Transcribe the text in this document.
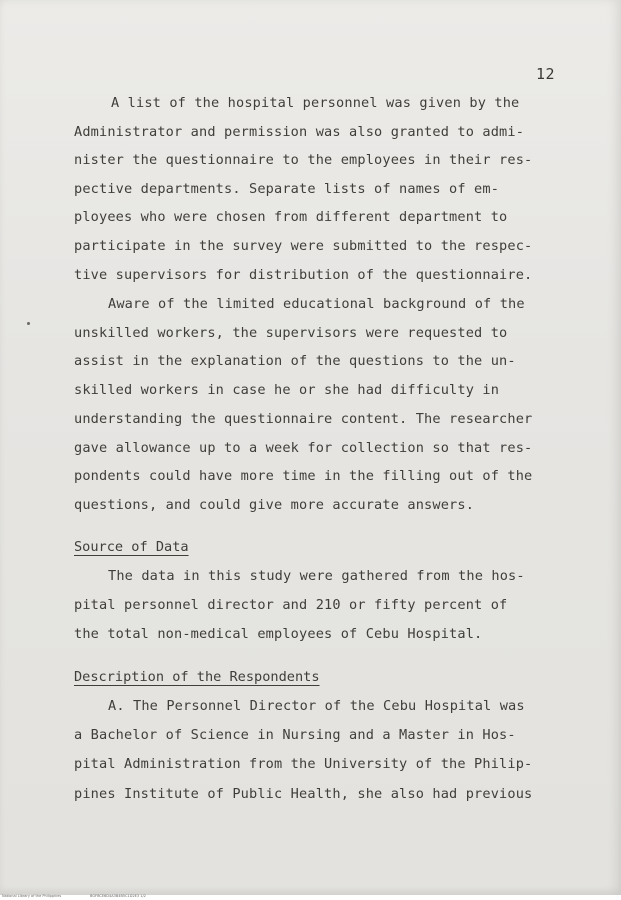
12
A list of the hospital personnel was given by the
Administrator and permission was also granted to admi-
nister the questionnaire to the employees in their res-
pective departments. Separate lists of names of em-
ployees who were chosen from different department to
participate in the survey were submitted to the respec-
tive supervisors for distribution of the questionnaire.
Aware of the limited educational background of the
unskilled workers, the supervisors were requested to
assist in the explanation of the questions to the un-
skilled workers in case he or she had difficulty in
understanding the questionnaire content. The researcher
gave allowance up to a week for collection so that res-
pondents could have more time in the filling out of the
questions, and could give more accurate answers.
Source of Data
The data in this study were gathered from the hos-
pital personnel director and 210 or fifty percent of
the total non-medical employees of Cebu Hospital.
Description of the Respondents
A. The Personnel Director of the Cebu Hospital was
a Bachelor of Science in Nursing and a Master in Hos-
pital Administration from the University of the Philip-
pines Institute of Public Health, she also had previous
National Library of the Philippines	BGFBCE6D4A3B4B5C1D2E3 1/2
